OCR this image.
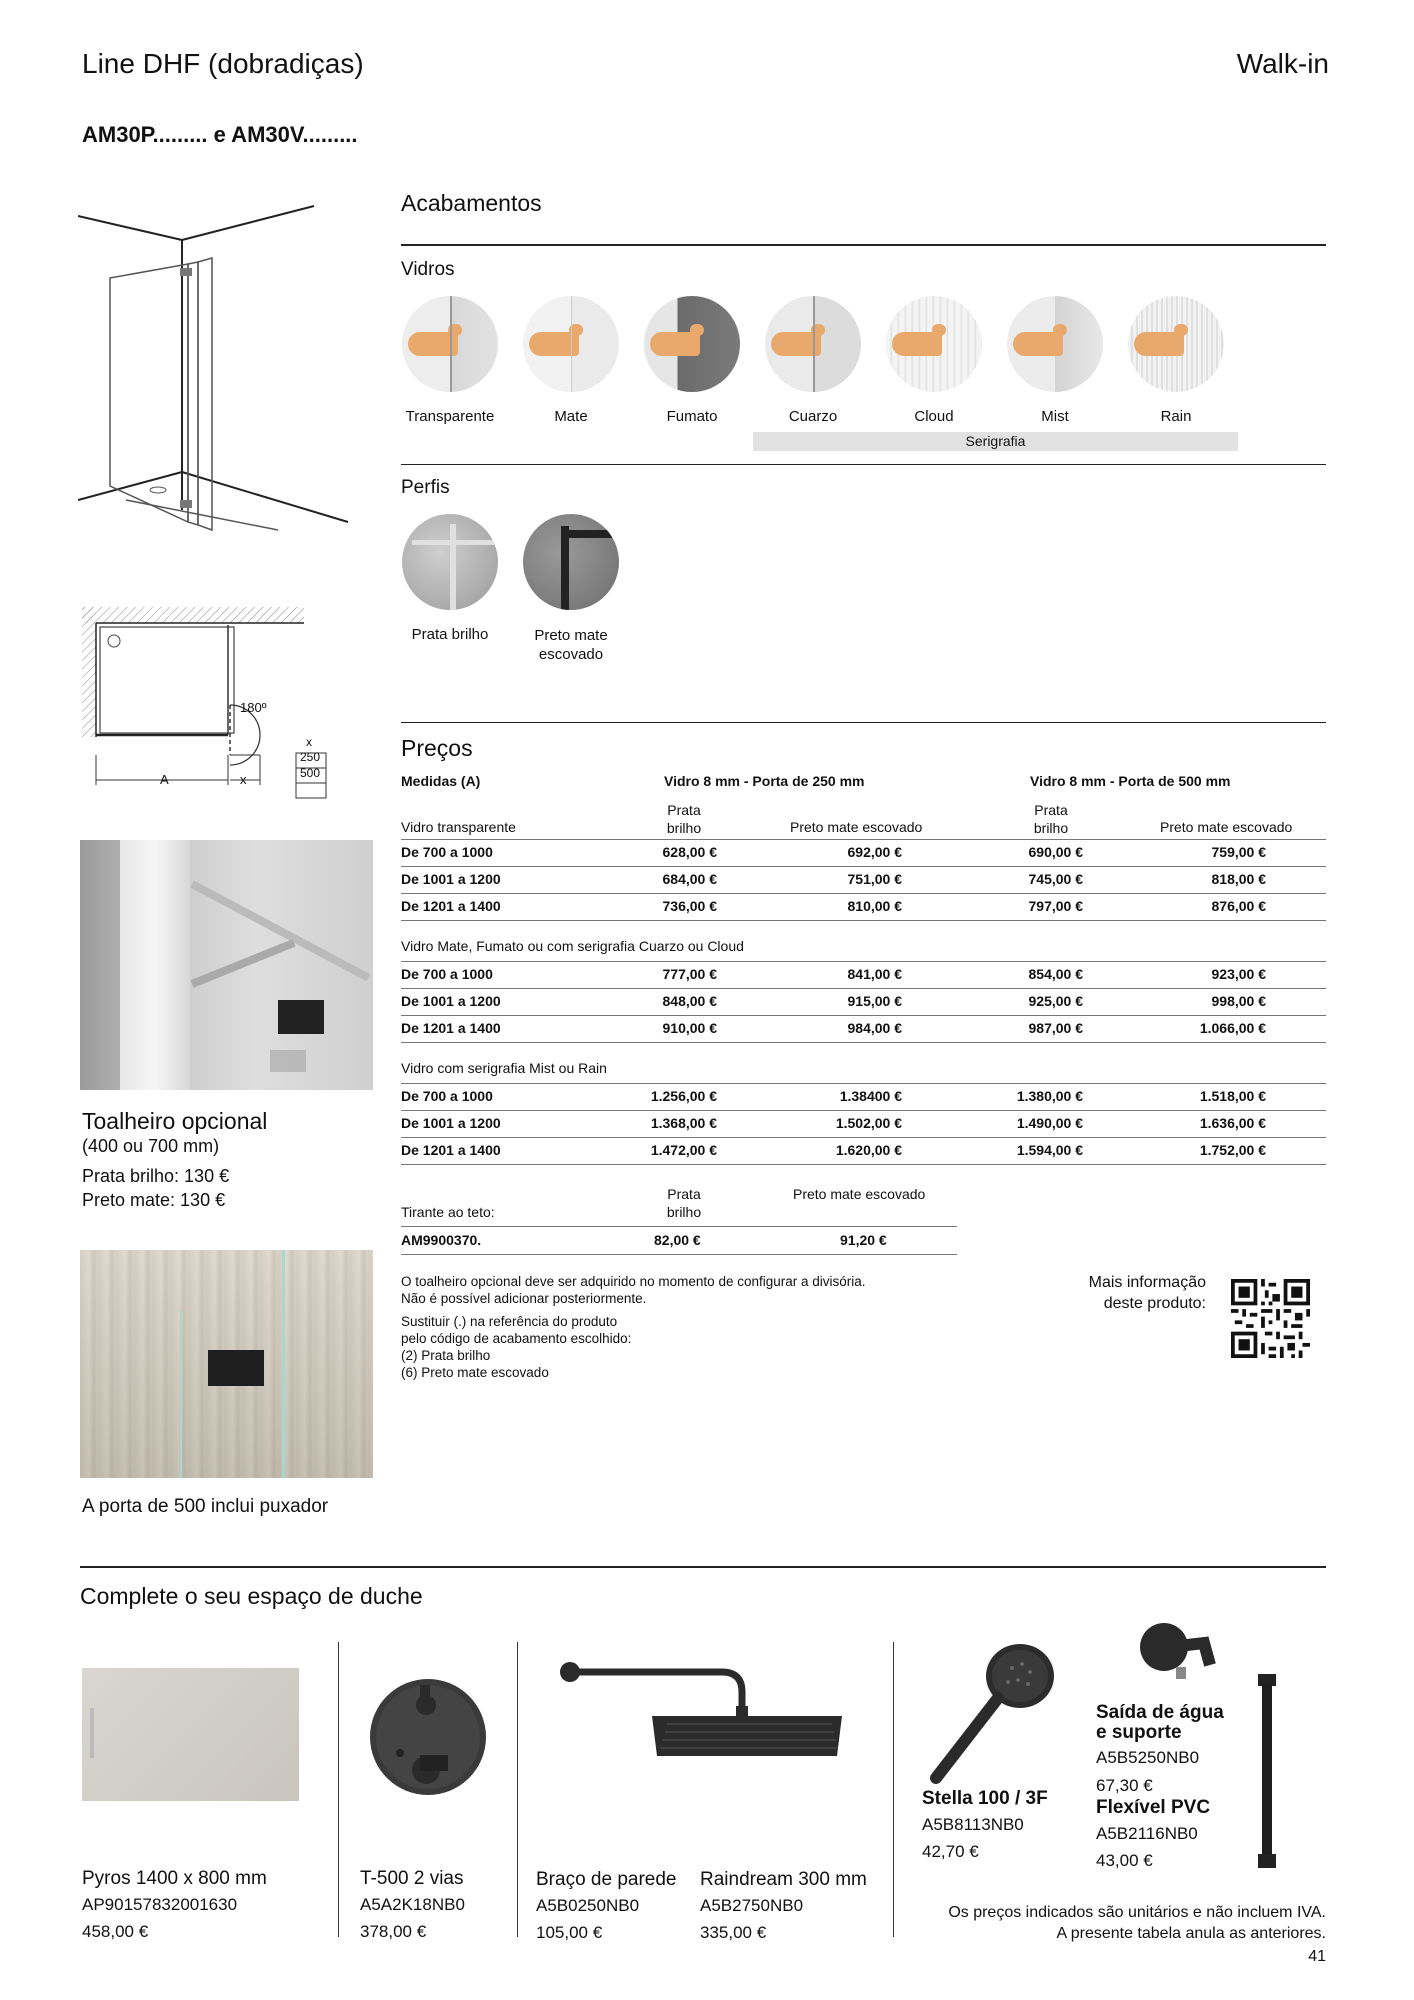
Line DHF (dobradiças)	Walk-in
AM30P......... e AM30V.........
180º
A	x
x
250
500
Toalheiro opcional
(400 ou 700 mm)
Prata brilho: 130 €
Preto mate: 130 €
A porta de 500 inclui puxador
Acabamentos
Vidros
Transparente	Mate	Fumato	Cuarzo	Cloud	Mist	Rain
Serigrafia
Perfis
Prata brilho	Preto mate escovado
Preços
Medidas (A)	Vidro 8 mm - Porta de 250 mm	Vidro 8 mm - Porta de 500 mm
Prata
brilho	Preto mate escovado
Prata
brilho	Preto mate escovado
Vidro transparente
De 700 a 1000	628,00 €	692,00 €	690,00 €	759,00 €
De 1001 a 1200	684,00 €	751,00 €	745,00 €	818,00 €
De 1201 a 1400	736,00 €	810,00 €	797,00 €	876,00 €
Vidro Mate, Fumato ou com serigrafia Cuarzo ou Cloud
De 700 a 1000	777,00 €	841,00 €	854,00 €	923,00 €
De 1001 a 1200	848,00 €	915,00 €	925,00 €	998,00 €
De 1201 a 1400	910,00 €	984,00 €	987,00 €	1.066,00 €
Vidro com serigrafia Mist ou Rain
De 700 a 1000	1.256,00 €	1.38400 €	1.380,00 €	1.518,00 €
De 1001 a 1200	1.368,00 €	1.502,00 €	1.490,00 €	1.636,00 €
De 1201 a 1400	1.472,00 €	1.620,00 €	1.594,00 €	1.752,00 €
Prata
brilho
Preto mate escovado
Tirante ao teto:
AM9900370.	82,00 €	91,20 €
O toalheiro opcional deve ser adquirido no momento de configurar a divisória.
Não é possível adicionar posteriormente.
Sustituir (.) na referência do produto
pelo código de acabamento escolhido:
(2) Prata brilho
(6) Preto mate escovado
Mais informação
deste produto:
Complete o seu espaço de duche
Pyros 1400 x 800 mm
AP90157832001630
458,00 €
T-500 2 vias
A5A2K18NB0
378,00 €
Braço de parede
A5B0250NB0
105,00 €
Raindream 300 mm
A5B2750NB0
335,00 €
Stella 100 / 3F
A5B8113NB0
42,70 €
Saída de água
e suporte
A5B5250NB0
67,30 €
Flexível PVC
A5B2116NB0
43,00 €
Os preços indicados são unitários e não incluem IVA.
A presente tabela anula as anteriores.
41
